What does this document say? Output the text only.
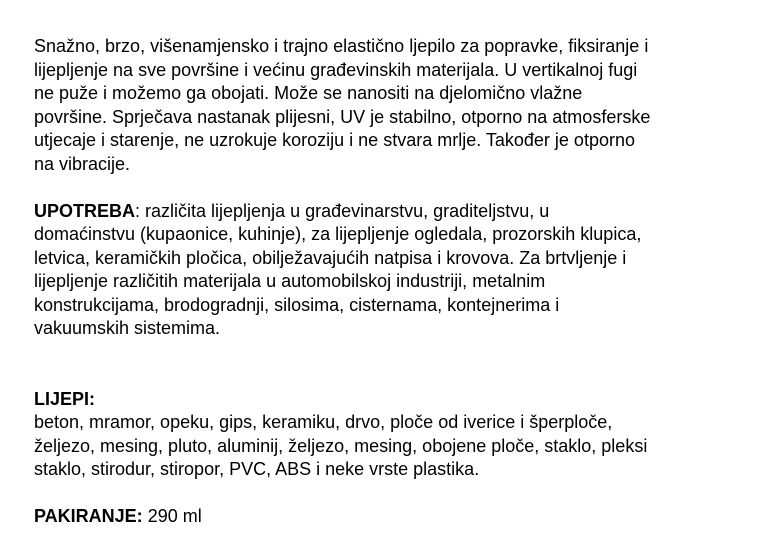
Snažno, brzo, višenamjensko i trajno elastično ljepilo za popravke, fiksiranje i
lijepljenje na sve površine i većinu građevinskih materijala. U vertikalnoj fugi
ne puže i možemo ga obojati. Može se nanositi na djelomično vlažne
površine. Sprječava nastanak plijesni, UV je stabilno, otporno na atmosferske
utjecaje i starenje, ne uzrokuje koroziju i ne stvara mrlje. Također je otporno
na vibracije.
UPOTREBA: različita lijepljenja u građevinarstvu, graditeljstvu, u
domaćinstvu (kupaonice, kuhinje), za lijepljenje ogledala, prozorskih klupica,
letvica, keramičkih pločica, obilježavajućih natpisa i krovova. Za brtvljenje i
lijepljenje različitih materijala u automobilskoj industriji, metalnim
konstrukcijama, brodogradnji, silosima, cisternama, kontejnerima i
vakuumskih sistemima.
LIJEPI:
beton, mramor, opeku, gips, keramiku, drvo, ploče od iverice i šperploče,
željezo, mesing, pluto, aluminij, željezo, mesing, obojene ploče, staklo, pleksi
staklo, stirodur, stiropor, PVC, ABS i neke vrste plastika.
PAKIRANJE: 290 ml
